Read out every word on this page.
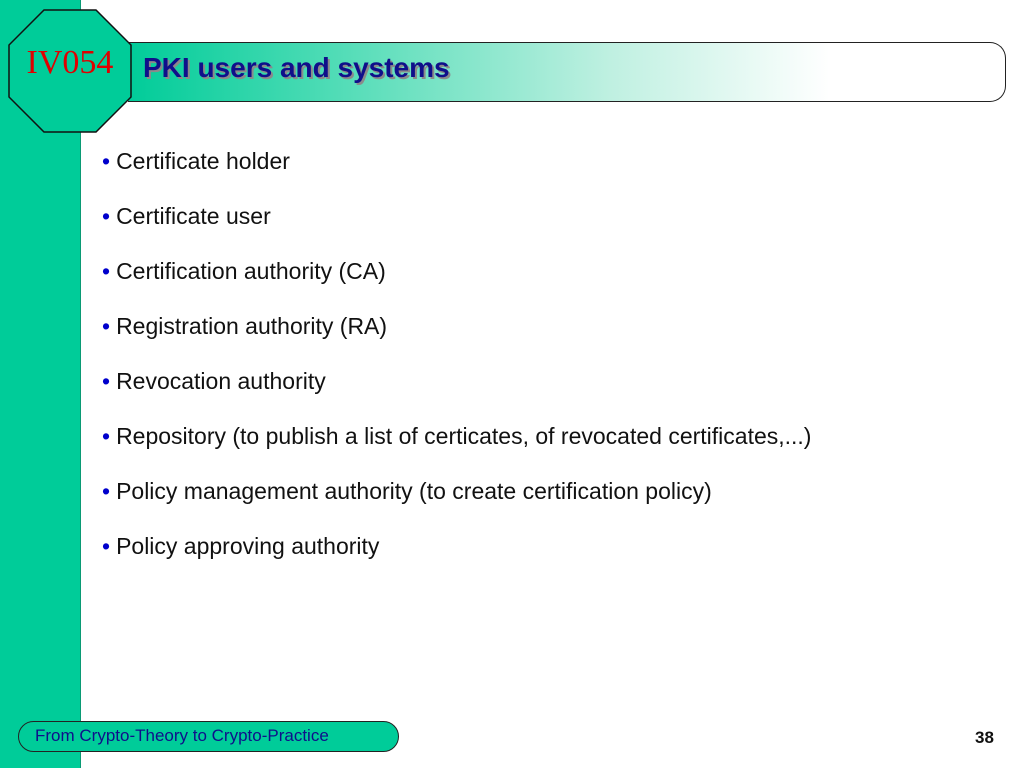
IV054	PKI users and systems
• Certificate holder
• Certificate user
• Certification authority (CA)
• Registration authority (RA)
• Revocation authority
• Repository (to publish a list of certicates, of revocated certificates,...)
• Policy management authority (to create certification policy)
• Policy approving authority
From Crypto-Theory to Crypto-Practice	38
